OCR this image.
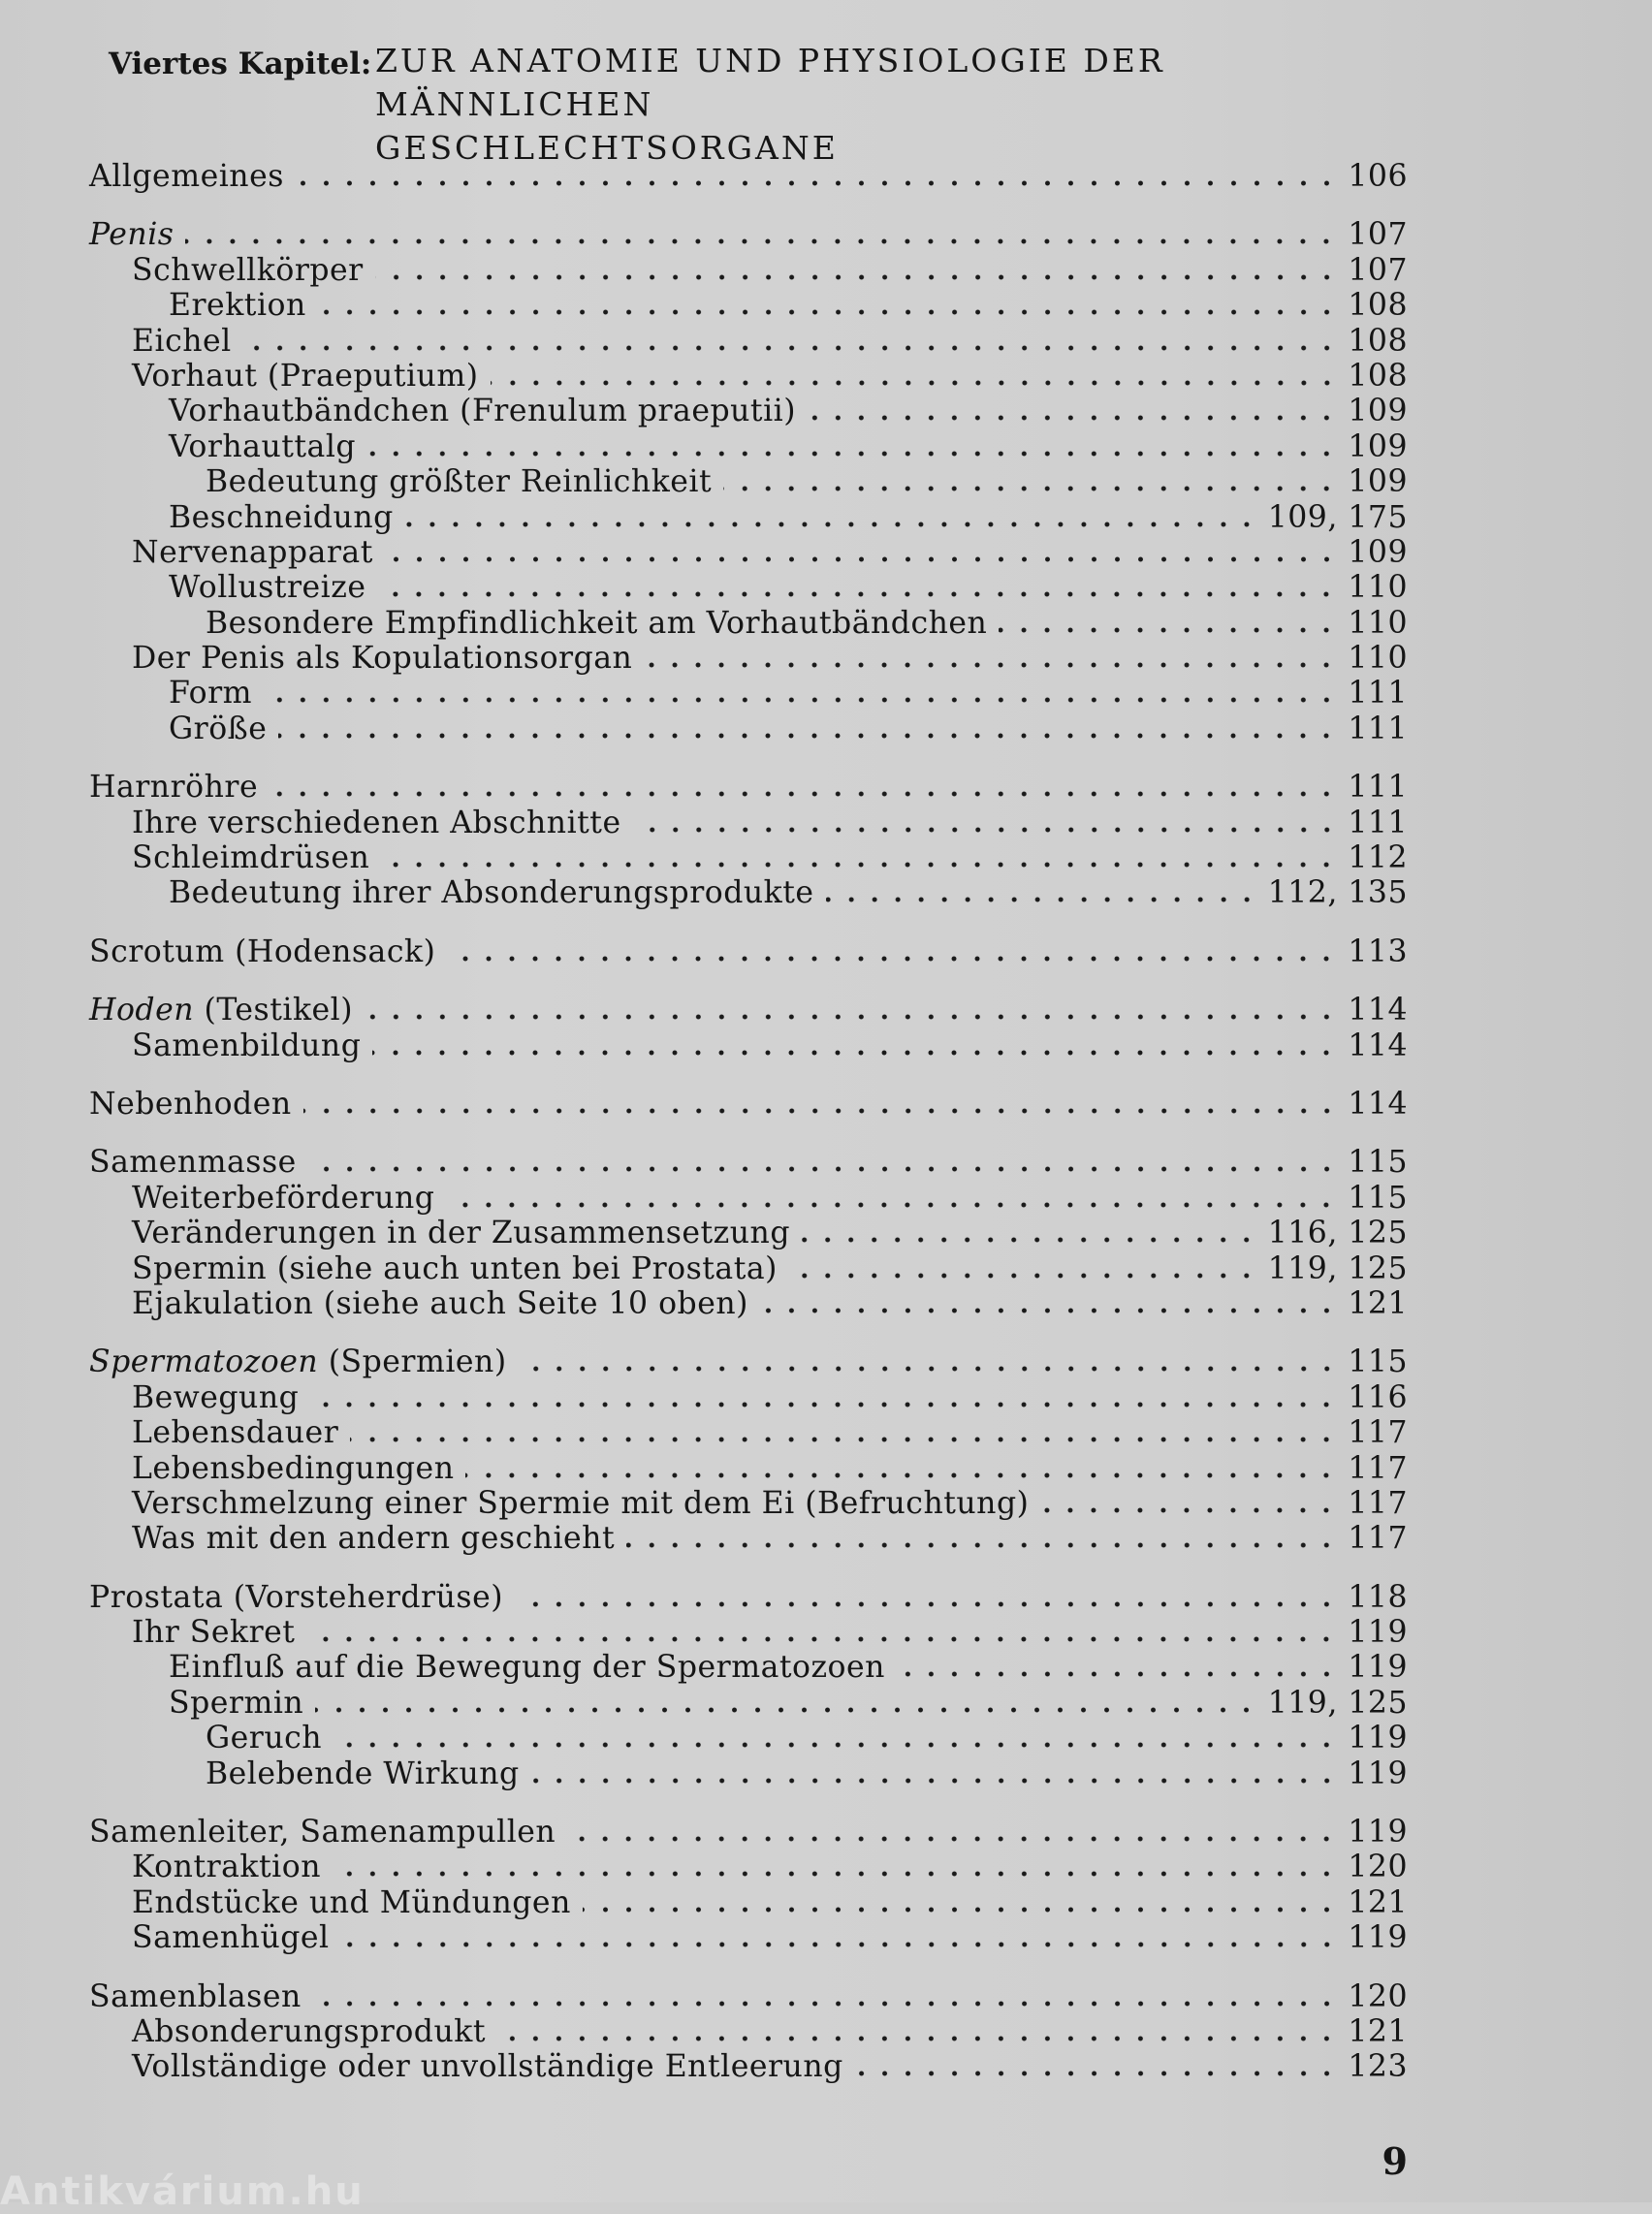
Viertes Kapitel: ZUR ANATOMIE UND PHYSIOLOGIE DER MÄNNLICHEN
GESCHLECHTSORGANE
Allgemeines	106
Penis	107
Schwellkörper	107
Erektion	108
Eichel	108
Vorhaut (Praeputium)	108
Vorhautbändchen (Frenulum praeputii)	109
Vorhauttalg	109
Bedeutung größter Reinlichkeit	109
Beschneidung	109, 175
Nervenapparat	109
Wollustreize	110
Besondere Empfindlichkeit am Vorhautbändchen	110
Der Penis als Kopulationsorgan	110
Form	111
Größe	111
Harnröhre	111
Ihre verschiedenen Abschnitte	111
Schleimdrüsen	112
Bedeutung ihrer Absonderungsprodukte	112, 135
Scrotum (Hodensack)	113
Hoden (Testikel)	114
Samenbildung	114
Nebenhoden	114
Samenmasse	115
Weiterbeförderung	115
Veränderungen in der Zusammensetzung	116, 125
Spermin (siehe auch unten bei Prostata)	119, 125
Ejakulation (siehe auch Seite 10 oben)	121
Spermatozoen (Spermien)	115
Bewegung	116
Lebensdauer	117
Lebensbedingungen	117
Verschmelzung einer Spermie mit dem Ei (Befruchtung)	117
Was mit den andern geschieht	117
Prostata (Vorsteherdrüse)	118
Ihr Sekret	119
Einfluß auf die Bewegung der Spermatozoen	119
Spermin	119, 125
Geruch	119
Belebende Wirkung	119
Samenleiter, Samenampullen	119
Kontraktion	120
Endstücke und Mündungen	121
Samenhügel	119
Samenblasen	120
Absonderungsprodukt	121
Vollständige oder unvollständige Entleerung	123
9
Antikvárium.hu
